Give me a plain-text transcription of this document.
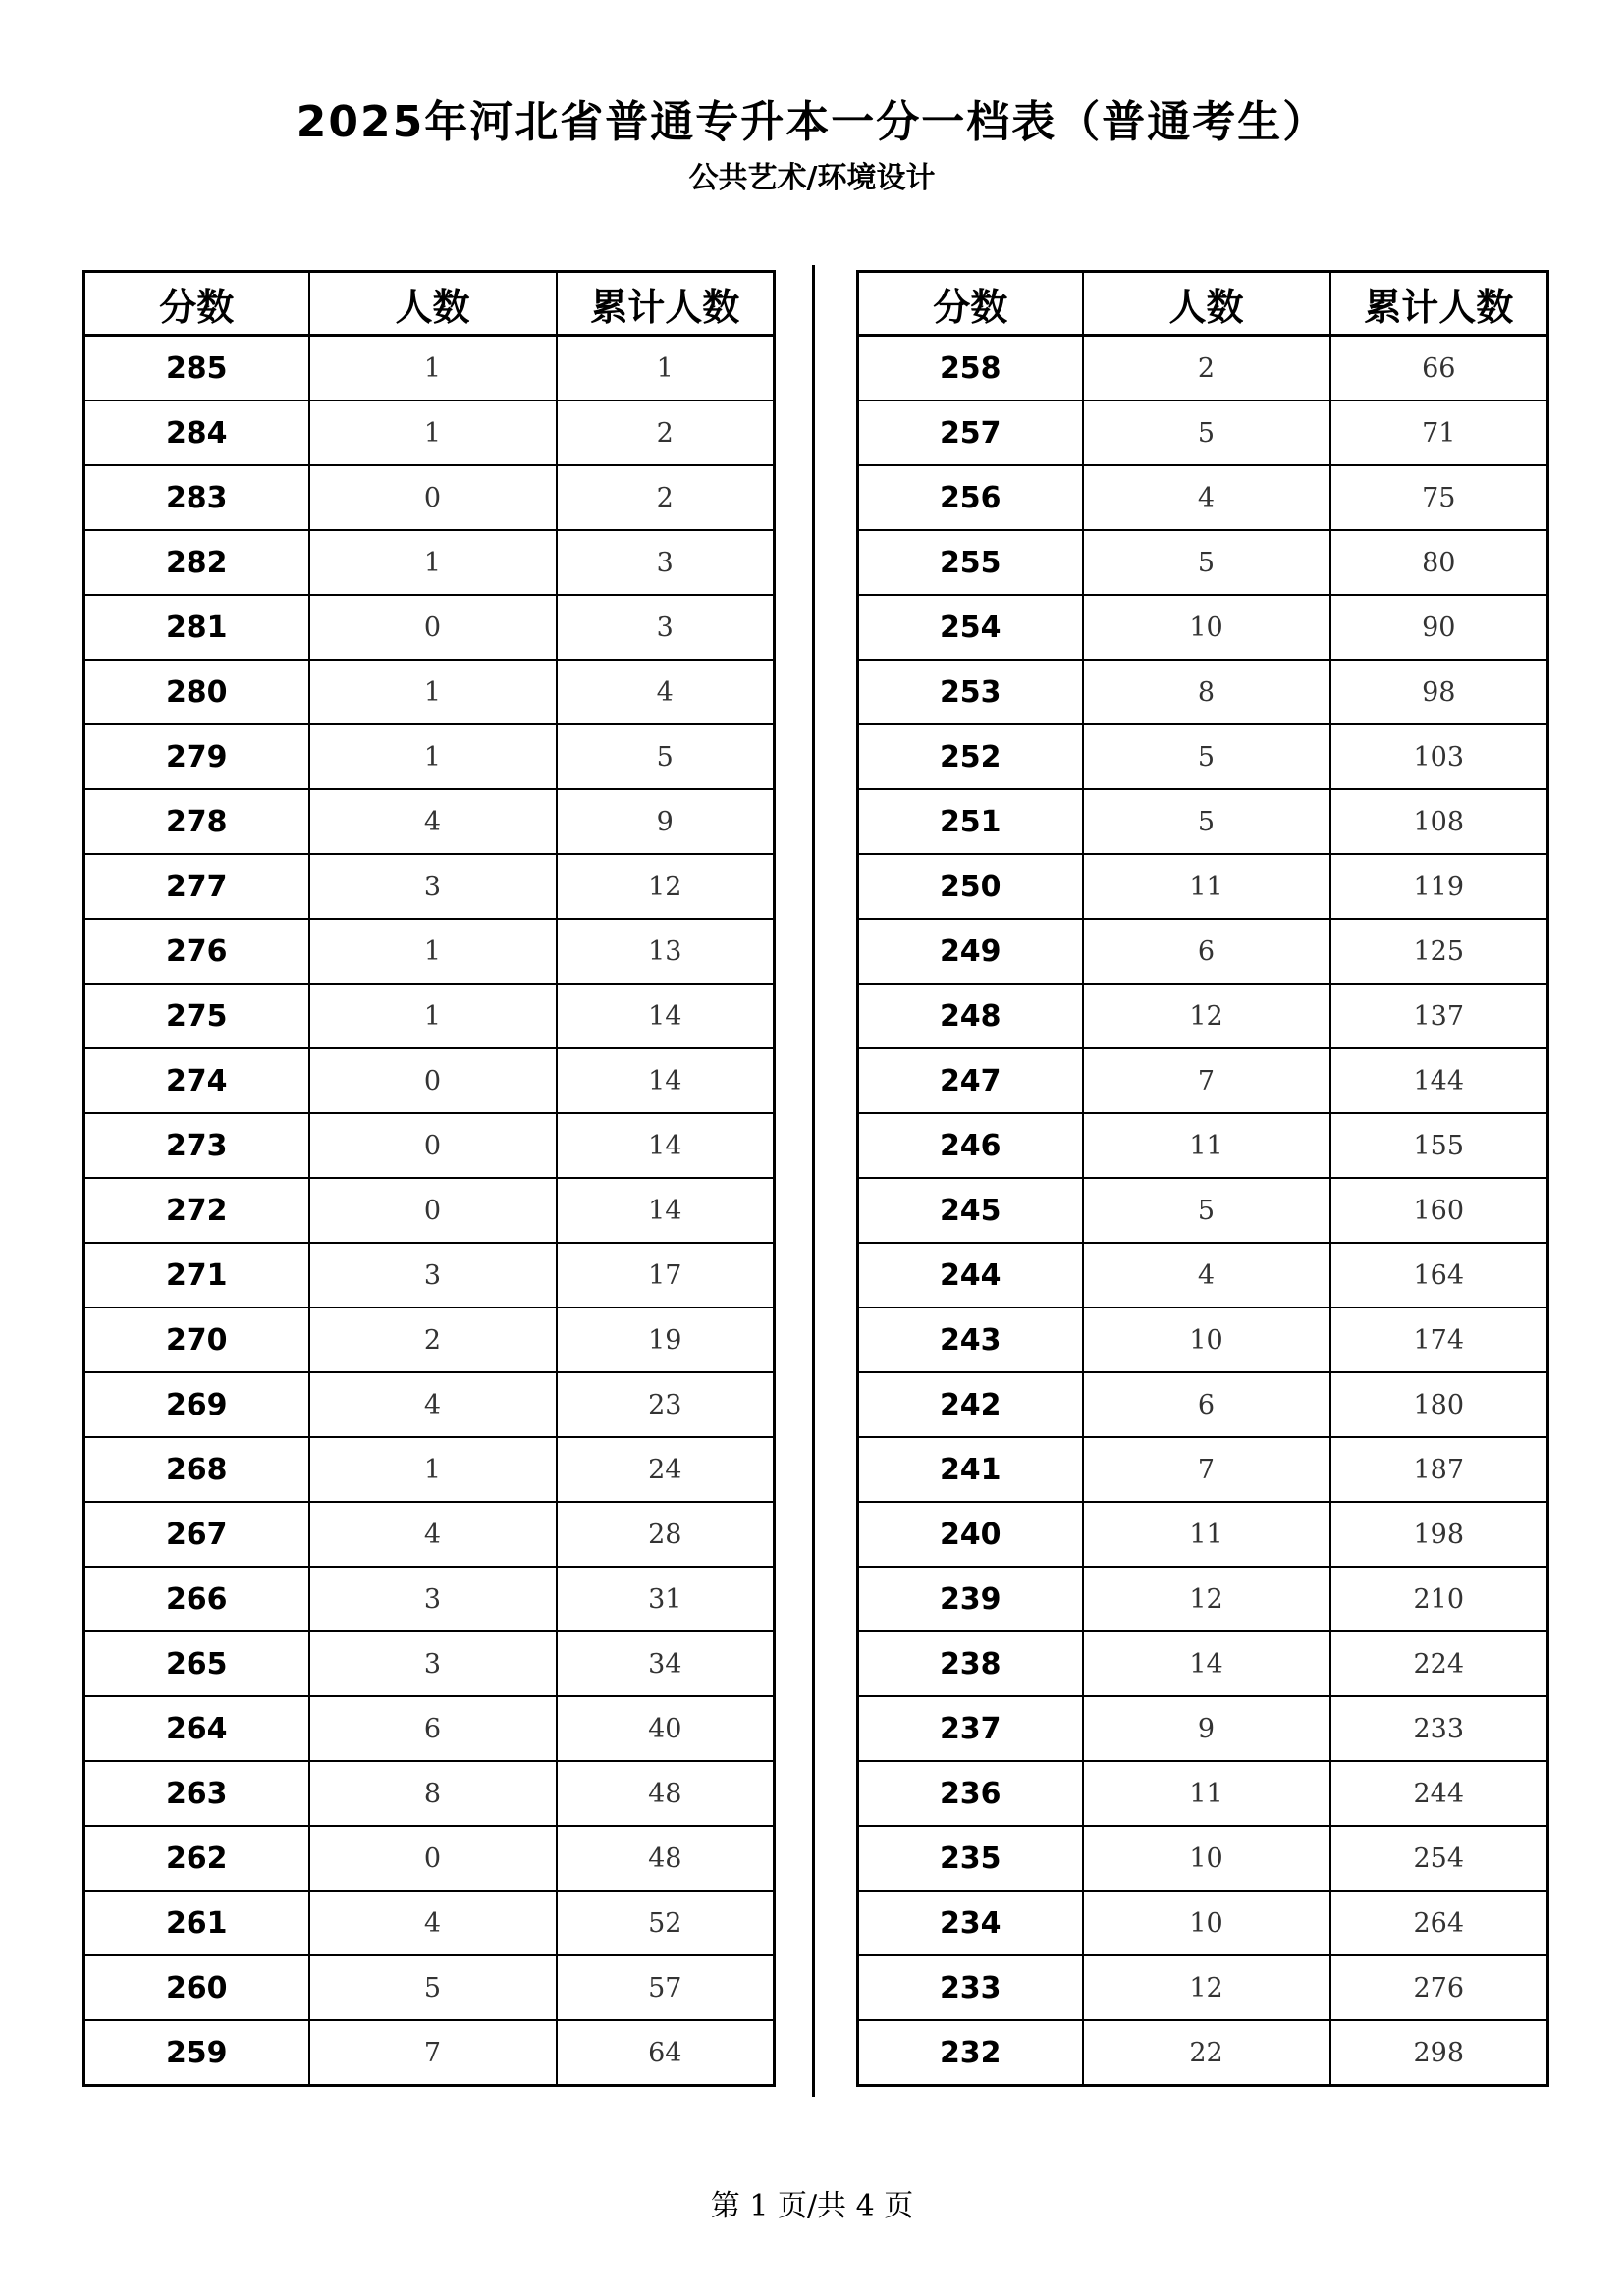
2025年河北省普通专升本一分一档表（普通考生）
公共艺术/环境设计
分数	人数	累计人数
285	1	1
284	1	2
283	0	2
282	1	3
281	0	3
280	1	4
279	1	5
278	4	9
277	3	12
276	1	13
275	1	14
274	0	14
273	0	14
272	0	14
271	3	17
270	2	19
269	4	23
268	1	24
267	4	28
266	3	31
265	3	34
264	6	40
263	8	48
262	0	48
261	4	52
260	5	57
259	7	64
分数	人数	累计人数
258	2	66
257	5	71
256	4	75
255	5	80
254	10	90
253	8	98
252	5	103
251	5	108
250	11	119
249	6	125
248	12	137
247	7	144
246	11	155
245	5	160
244	4	164
243	10	174
242	6	180
241	7	187
240	11	198
239	12	210
238	14	224
237	9	233
236	11	244
235	10	254
234	10	264
233	12	276
232	22	298
第 1 页/共 4 页
